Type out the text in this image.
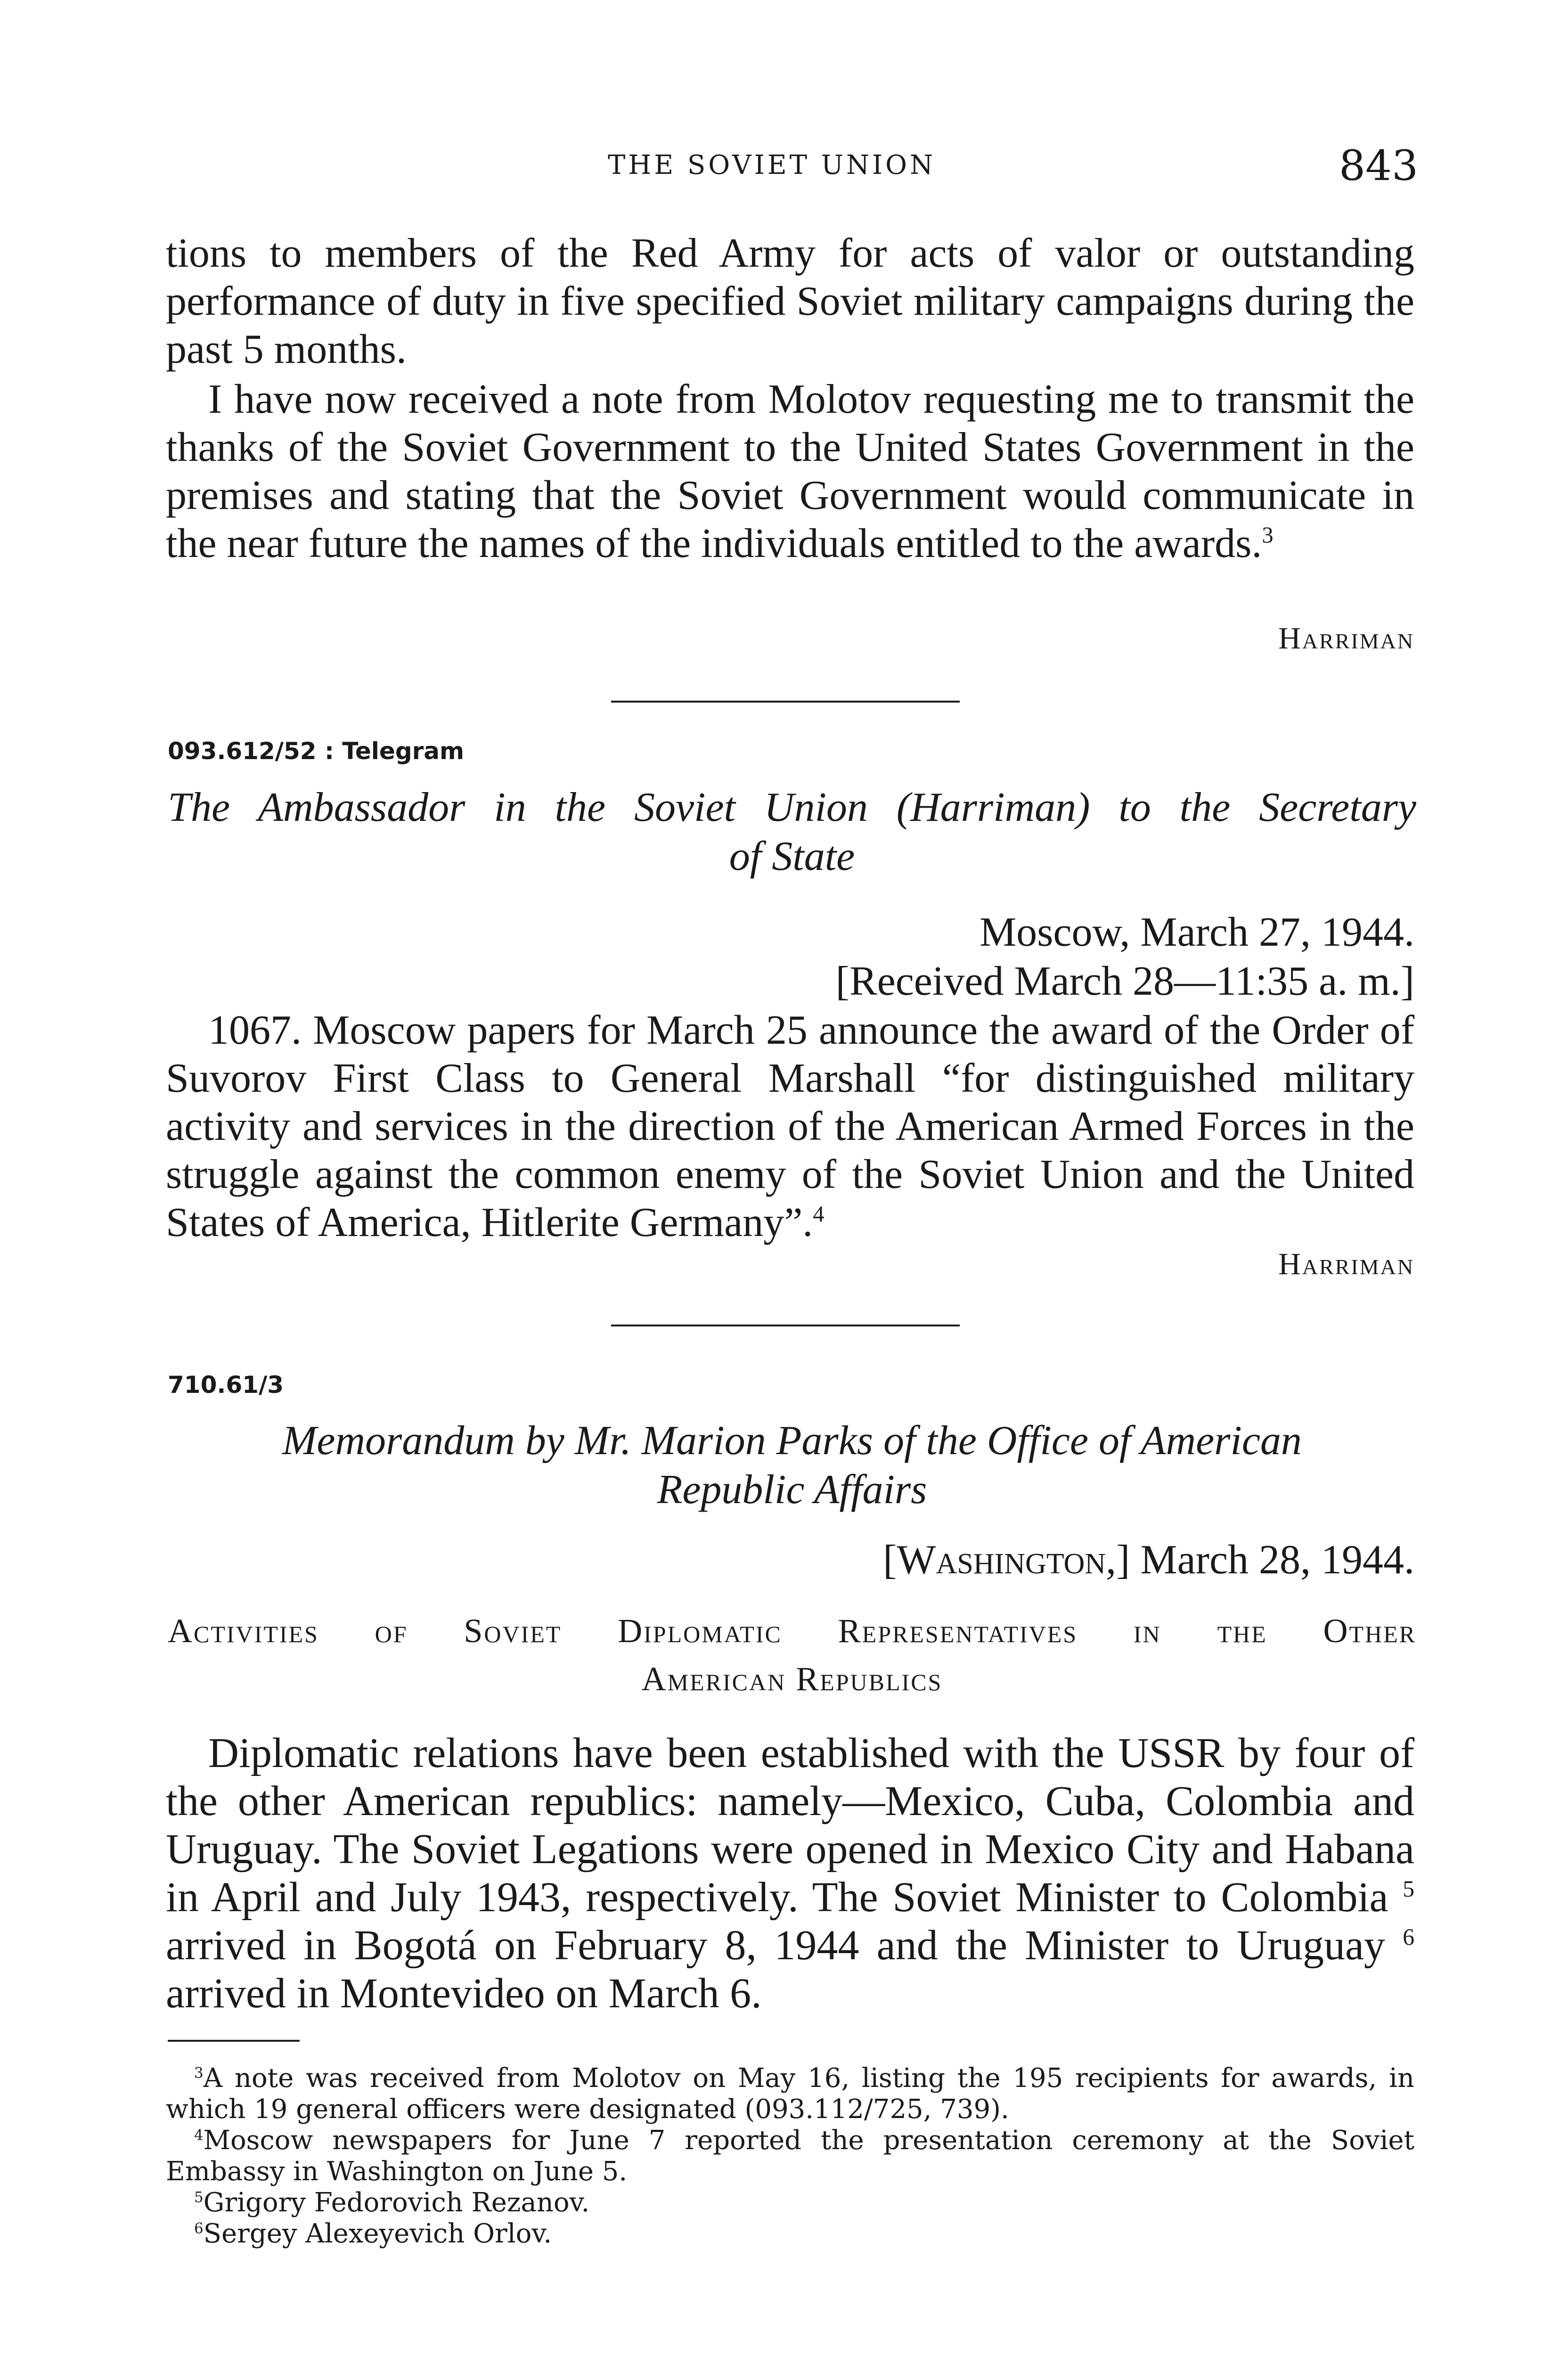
THE SOVIET UNION	843

tions to members of the Red Army for acts of valor or outstanding performance of duty in five specified Soviet military campaigns during the past 5 months.

I have now received a note from Molotov requesting me to transmit the thanks of the Soviet Government to the United States Government in the premises and stating that the Soviet Government would communicate in the near future the names of the individuals entitled to the awards.$^3$

Harriman
093.612/52 : Telegram
The Ambassador in the Soviet Union (Harriman) to the Secretary
of State
Moscow, March 27, 1944.
[Received March 28—11:35 a. m.]

1067. Moscow papers for March 25 announce the award of the Order of Suvorov First Class to General Marshall “for distinguished military activity and services in the direction of the American Armed Forces in the struggle against the common enemy of the Soviet Union and the United States of America, Hitlerite Germany”.$^4$

Harriman
710.61/3
Memorandum by Mr. Marion Parks of the Office of American
Republic Affairs
[Washington,] March 28, 1944.
Activities of Soviet Diplomatic Representatives in the Other
American Republics

Diplomatic relations have been established with the USSR by four of the other American republics: namely—Mexico, Cuba, Colombia and Uruguay. The Soviet Legations were opened in Mexico City and Habana in April and July 1943, respectively. The Soviet Minister to Colombia $^5$ arrived in Bogotá on February 8, 1944 and the Minister to Uruguay $^6$ arrived in Montevideo on March 6.

$^3$A note was received from Molotov on May 16, listing the 195 recipients for awards, in which 19 general officers were designated (093.112/725, 739).

$^4$Moscow newspapers for June 7 reported the presentation ceremony at the Soviet Embassy in Washington on June 5.

$^5$Grigory Fedorovich Rezanov.

$^6$Sergey Alexeyevich Orlov.
